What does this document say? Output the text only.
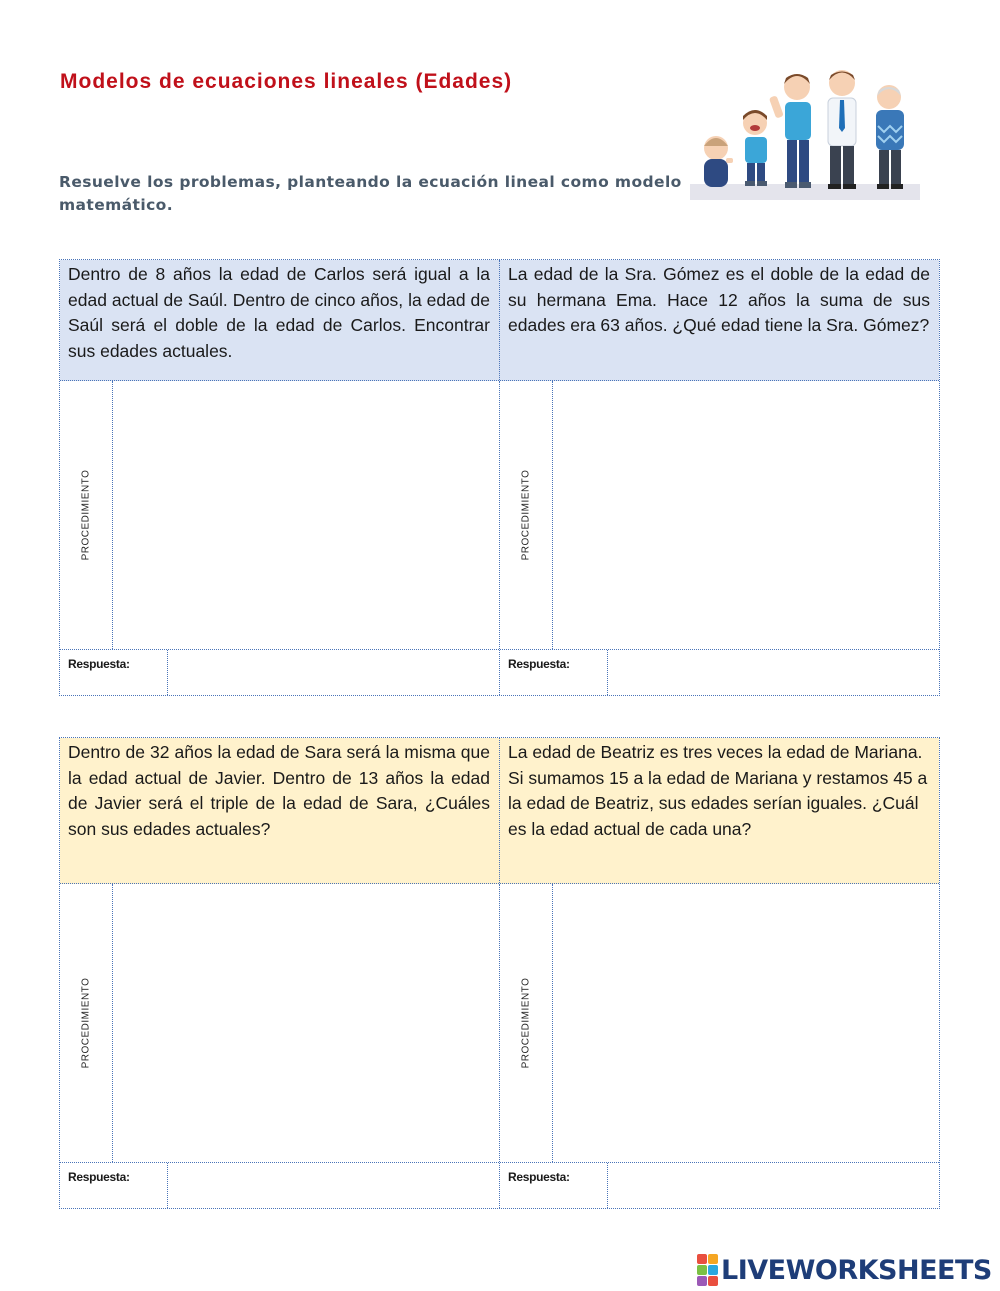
Modelos de ecuaciones lineales (Edades)
Resuelve los problemas, planteando la ecuación lineal como modelo matemático.
Dentro de 8 años la edad de Carlos será igual a la edad actual de Saúl. Dentro de cinco años, la edad de Saúl será el doble de la edad de Carlos. Encontrar sus edades actuales.
La edad de la Sra. Gómez es el doble de la edad de su hermana Ema. Hace 12 años la suma de sus edades era 63 años. ¿Qué edad tiene la Sra. Gómez?
PROCEDIMIENTO	PROCEDIMIENTO
Respuesta:	Respuesta:
Dentro de 32 años la edad de Sara será la misma que la edad actual de Javier. Dentro de 13 años la edad de Javier será el triple de la edad de Sara, ¿Cuáles son sus edades actuales?
La edad de Beatriz es tres veces la edad de Mariana. Si sumamos 15 a la edad de Mariana y restamos 45 a la edad de Beatriz, sus edades serían iguales. ¿Cuál es la edad actual de cada una?
PROCEDIMIENTO	PROCEDIMIENTO
Respuesta:	Respuesta:
LIVEWORKSHEETS
